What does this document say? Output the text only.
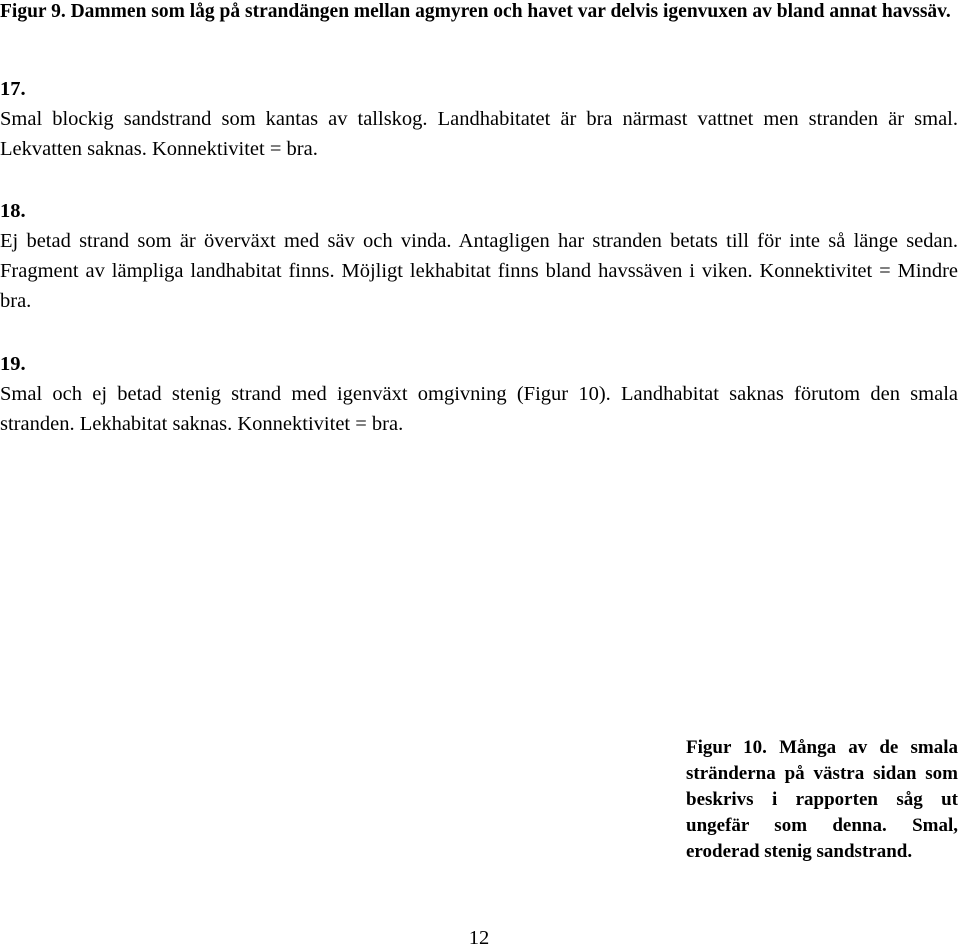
Figur 9. Dammen som låg på strandängen mellan agmyren och havet var delvis igenvuxen av bland annat havssäv.

17.
Smal blockig sandstrand som kantas av tallskog. Landhabitatet är bra närmast vattnet men stranden är smal. Lekvatten saknas. Konnektivitet = bra.
18.
Ej betad strand som är överväxt med säv och vinda. Antagligen har stranden betats till för inte så länge sedan. Fragment av lämpliga landhabitat finns. Möjligt lekhabitat finns bland havssäven i viken. Konnektivitet = Mindre bra.
19.
Smal och ej betad stenig strand med igenväxt omgivning (Figur 10). Landhabitat saknas förutom den smala stranden. Lekhabitat saknas. Konnektivitet = bra.

Figur 10. Många av de smala stränderna på västra sidan som beskrivs i rapporten såg ut ungefär som denna. Smal, eroderad stenig sandstrand.

12
